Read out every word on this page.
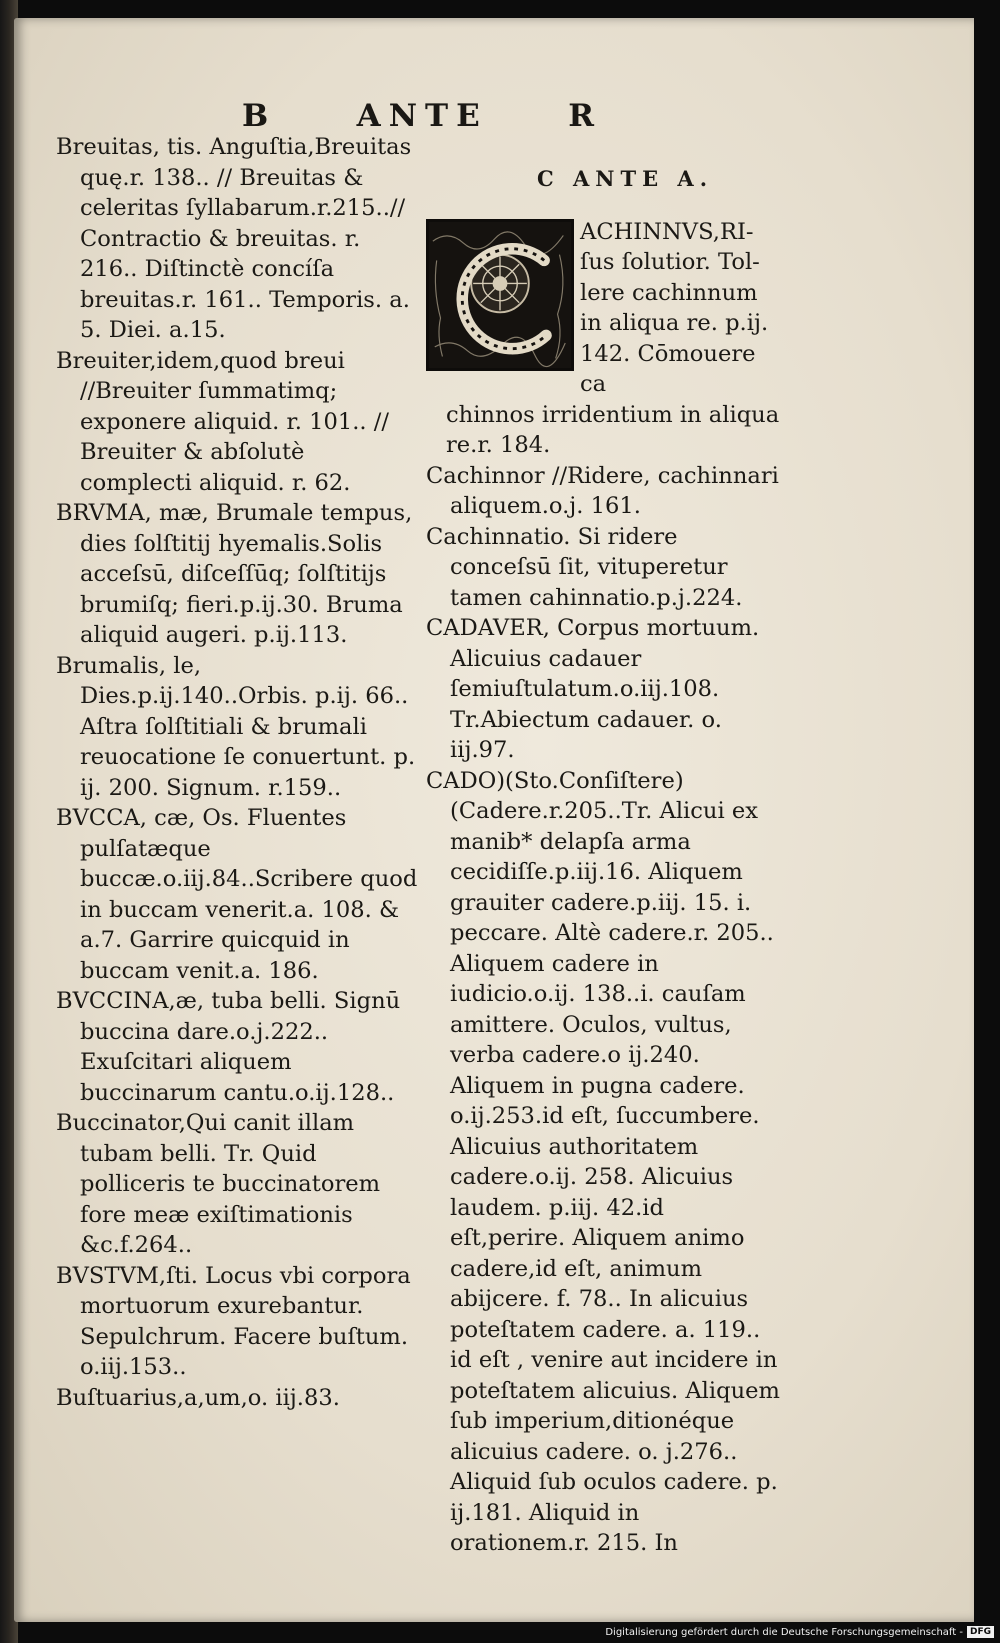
B	ANTE	R

Breuitas, tis. Anguſtia,Breuitas quę.r. 138.. // Breuitas & celeritas ſyllabarum.r.215..// Contractio & breuitas. r. 216.. Diſtinctè concíſa breuitas.r. 161.. Temporis. a. 5. Diei. a.15.

Breuiter,idem,quod breui //Breuiter ſummatimq; exponere aliquid. r. 101.. // Breuiter & abſolutè complecti aliquid. r. 62.

BRVMA, mæ, Brumale tempus, dies ſolſtitij hyemalis.Solis acceſsū, diſceſſūq; ſolſtitijs brumiſq; fieri.p.ij.30. Bruma aliquid augeri. p.ij.113.

Brumalis, le, Dies.p.ij.140..Orbis. p.ij. 66.. Aſtra ſolſtitiali & brumali reuocatione ſe conuertunt. p. ij. 200. Signum. r.159..

BVCCA, cæ, Os. Fluentes pulſatæque buccæ.o.iij.84..Scribere quod in buccam venerit.a. 108. & a.7. Garrire quicquid in buccam venit.a. 186.

BVCCINA,æ, tuba belli. Signū buccina dare.o.j.222.. Exuſcitari aliquem buccinarum cantu.o.ij.128..

Buccinator,Qui canit illam tubam belli. Tr. Quid polliceris te buccinatorem fore meæ exiſtimationis &c.f.264..

BVSTVM,ſti. Locus vbi corpora mortuorum exurebantur. Sepulchrum. Facere buſtum. o.iij.153..

Buſtuarius,a,um,o. iij.83.

C ANTE A.
ACHINNVS,RI-
ſus ſolutior. Tol-
lere cachinnum
in aliqua re. p.ij.
142. Cōmouere ca

chinnos irridentium in aliqua re.r. 184.

Cachinnor //Ridere, cachinnari aliquem.o.j. 161.

Cachinnatio. Si ridere conceſsū ſit, vituperetur tamen cahinnatio.p.j.224.

CADAVER, Corpus mortuum. Alicuius cadauer ſemiuſtulatum.o.iij.108. Tr.Abiectum cadauer. o. iij.97.

CADO)(Sto.Conſiſtere)(Cadere.r.205..Tr. Alicui ex manib* delapſa arma cecidiſſe.p.iij.16. Aliquem grauiter cadere.p.iij. 15. i. peccare. Altè cadere.r. 205.. Aliquem cadere in iudicio.o.ij. 138..i. cauſam amittere. Oculos, vultus, verba cadere.o ij.240. Aliquem in pugna cadere. o.ij.253.id eſt, ſuccumbere. Alicuius authoritatem cadere.o.ij. 258. Alicuius laudem. p.iij. 42.id eſt,perire. Aliquem animo cadere,id eſt, animum abijcere. f. 78.. In alicuius poteſtatem cadere. a. 119.. id eſt , venire aut incidere in poteſtatem alicuius. Aliquem ſub imperium,ditionéque alicuius cadere. o. j.276.. Aliquid ſub oculos cadere. p. ij.181. Aliquid in orationem.r. 215. In

Digitalisierung gefördert durch die Deutsche Forschungsgemeinschaft - DFG
